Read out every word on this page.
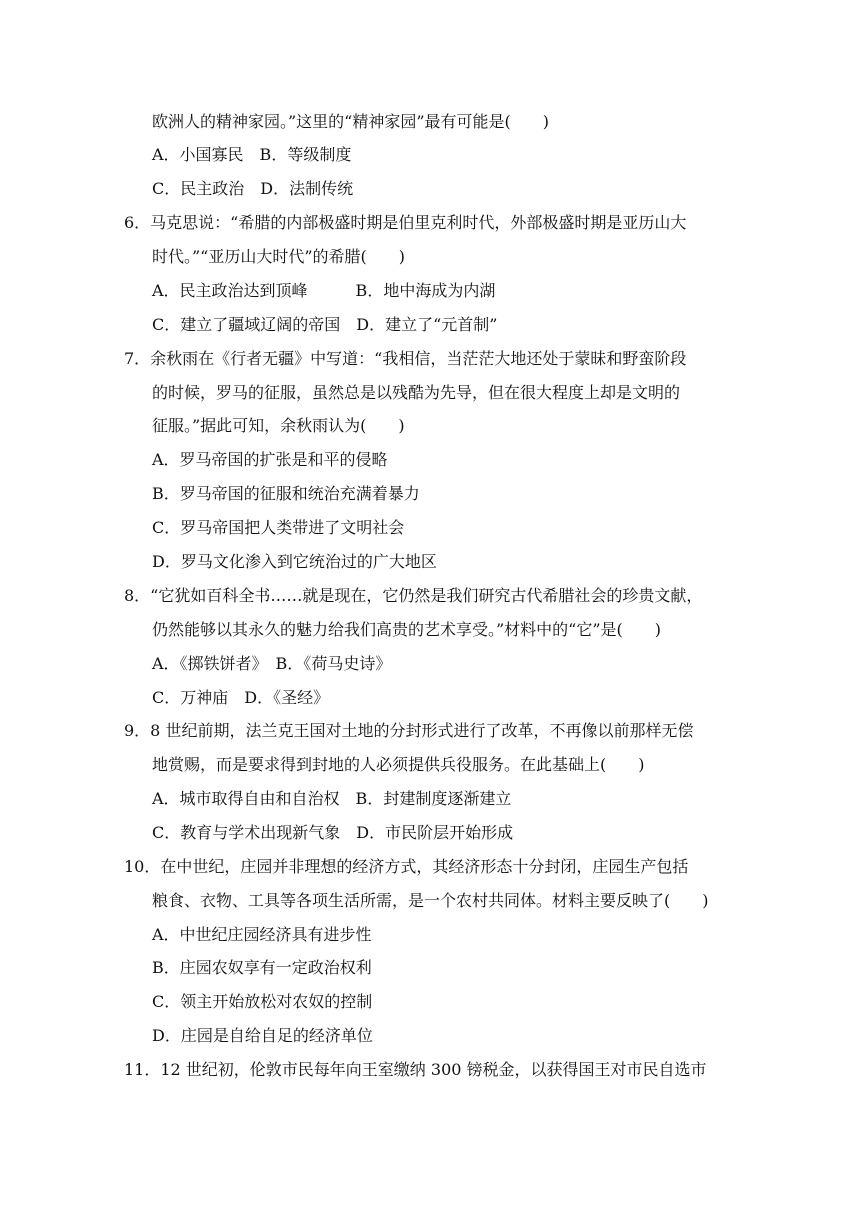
欧洲人的精神家园。”这里的“精神家园”最有可能是(　　)
A．小国寡民　B．等级制度
C．民主政治　D．法制传统
6．马克思说：“希腊的内部极盛时期是伯里克利时代，外部极盛时期是亚历山大
时代。”“亚历山大时代”的希腊(　　)
A．民主政治达到顶峰　　　B．地中海成为内湖
C．建立了疆域辽阔的帝国　D．建立了“元首制”
7．余秋雨在《行者无疆》中写道：“我相信，当茫茫大地还处于蒙昧和野蛮阶段
的时候，罗马的征服，虽然总是以残酷为先导，但在很大程度上却是文明的
征服。”据此可知，余秋雨认为(　　)
A．罗马帝国的扩张是和平的侵略
B．罗马帝国的征服和统治充满着暴力
C．罗马帝国把人类带进了文明社会
D．罗马文化渗入到它统治过的广大地区
8．“它犹如百科全书……就是现在，它仍然是我们研究古代希腊社会的珍贵文献，
仍然能够以其永久的魅力给我们高贵的艺术享受。”材料中的“它”是(　　)
A．《掷铁饼者》　B．《荷马史诗》
C．万神庙　D．《圣经》
9．8 世纪前期，法兰克王国对土地的分封形式进行了改革，不再像以前那样无偿
地赏赐，而是要求得到封地的人必须提供兵役服务。在此基础上(　　)
A．城市取得自由和自治权　B．封建制度逐渐建立
C．教育与学术出现新气象　D．市民阶层开始形成
10．在中世纪，庄园并非理想的经济方式，其经济形态十分封闭，庄园生产包括
粮食、衣物、工具等各项生活所需，是一个农村共同体。材料主要反映了(　　)
A．中世纪庄园经济具有进步性
B．庄园农奴享有一定政治权利
C．领主开始放松对农奴的控制
D．庄园是自给自足的经济单位
11．12 世纪初，伦敦市民每年向王室缴纳 300 镑税金，以获得国王对市民自选市
